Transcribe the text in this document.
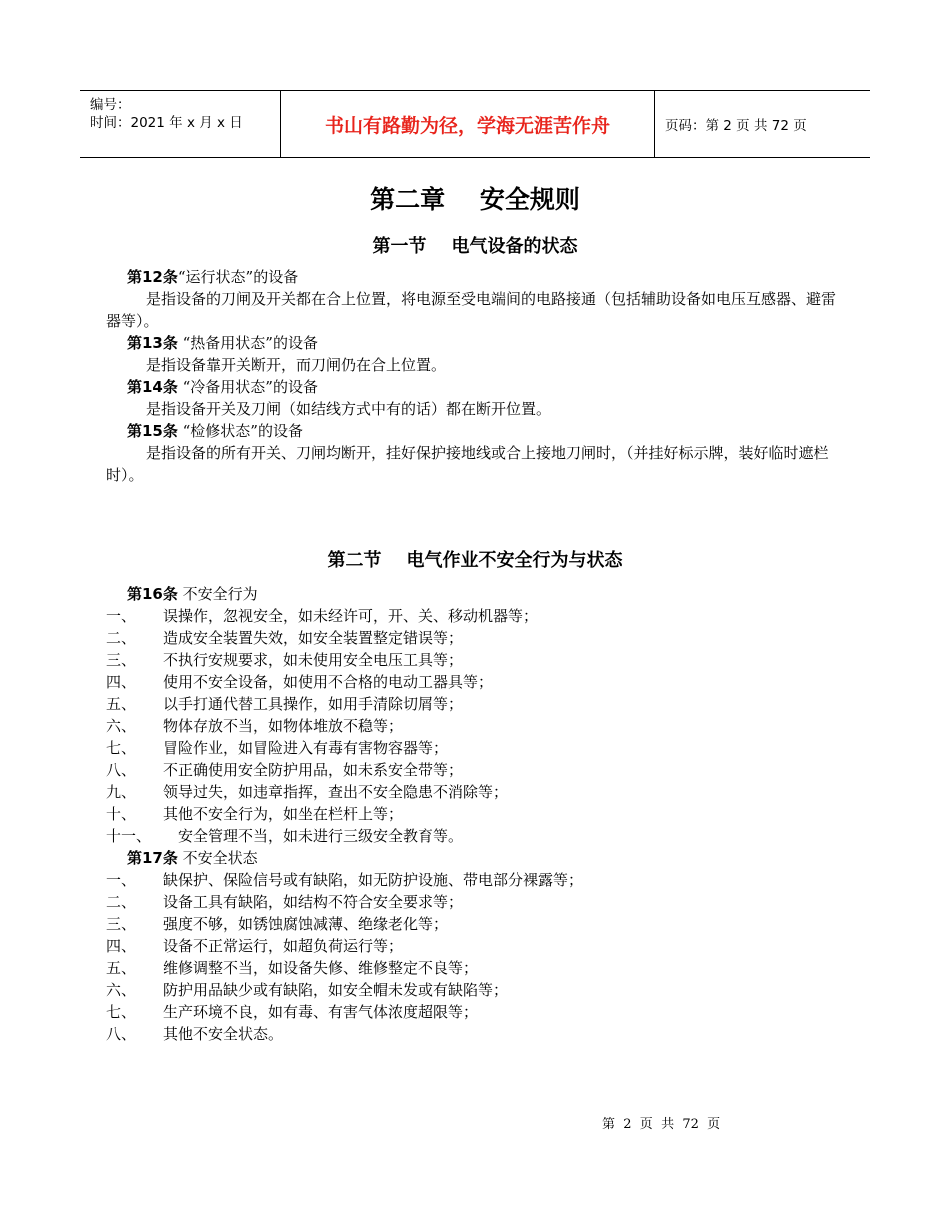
编号：
时间：2021 年 x 月 x 日	书山有路勤为径，学海无涯苦作舟	页码：第 2 页 共 72 页
第二章    安全规则
第一节    电气设备的状态
第12条“运行状态”的设备
是指设备的刀闸及开关都在合上位置，将电源至受电端间的电路接通（包括辅助设备如电压互感器、避雷器等）。
第13条 “热备用状态”的设备
是指设备靠开关断开，而刀闸仍在合上位置。
第14条 “冷备用状态”的设备
是指设备开关及刀闸（如结线方式中有的话）都在断开位置。
第15条 “检修状态”的设备
是指设备的所有开关、刀闸均断开，挂好保护接地线或合上接地刀闸时，（并挂好标示牌，装好临时遮栏时）。
第二节    电气作业不安全行为与状态
第16条 不安全行为
一、	误操作，忽视安全，如未经许可，开、关、移动机器等；
二、	造成安全装置失效，如安全装置整定错误等；
三、	不执行安规要求，如未使用安全电压工具等；
四、	使用不安全设备，如使用不合格的电动工器具等；
五、	以手打通代替工具操作，如用手清除切屑等；
六、	物体存放不当，如物体堆放不稳等；
七、	冒险作业，如冒险进入有毒有害物容器等；
八、	不正确使用安全防护用品，如未系安全带等；
九、	领导过失，如违章指挥，查出不安全隐患不消除等；
十、	其他不安全行为，如坐在栏杆上等；
十一、	安全管理不当，如未进行三级安全教育等。
第17条 不安全状态
一、	缺保护、保险信号或有缺陷，如无防护设施、带电部分裸露等；
二、	设备工具有缺陷，如结构不符合安全要求等；
三、	强度不够，如锈蚀腐蚀减薄、绝缘老化等；
四、	设备不正常运行，如超负荷运行等；
五、	维修调整不当，如设备失修、维修整定不良等；
六、	防护用品缺少或有缺陷，如安全帽未发或有缺陷等；
七、	生产环境不良，如有毒、有害气体浓度超限等；
八、	其他不安全状态。
第  2  页  共  72  页
